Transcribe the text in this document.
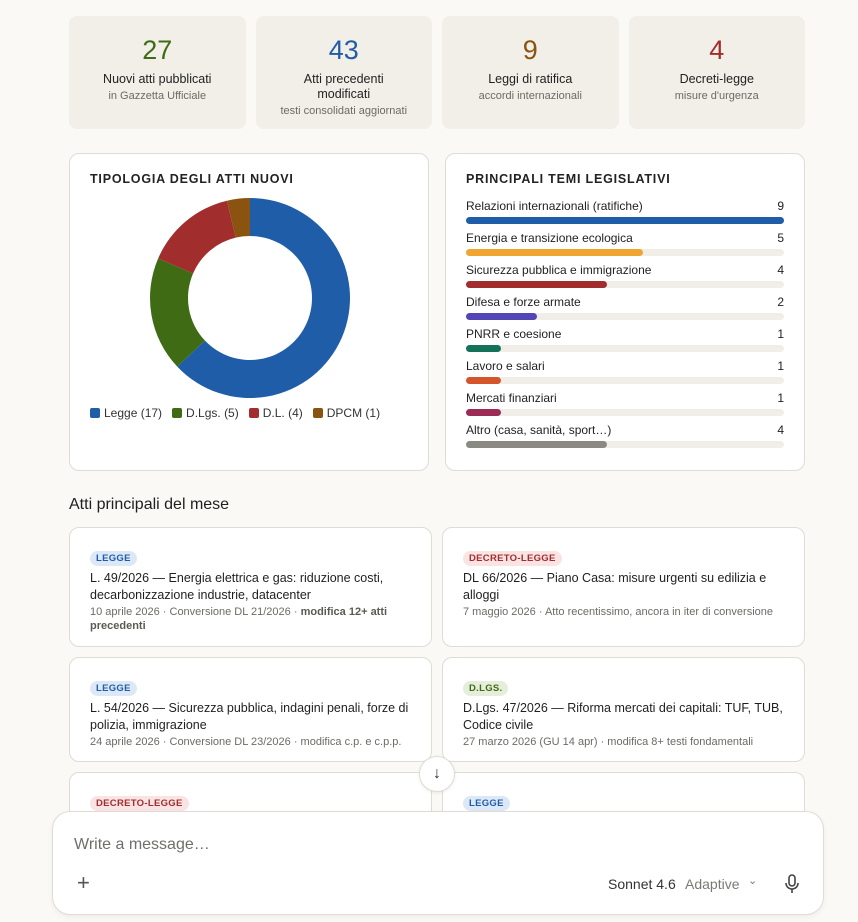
27
Nuovi atti pubblicati
in Gazzetta Ufficiale
43
Atti precedenti modificati
testi consolidati aggiornati
9
Leggi di ratifica
accordi internazionali
4
Decreti-legge
misure d'urgenza
TIPOLOGIA DEGLI ATTI NUOVI
Legge (17) D.Lgs. (5) D.L. (4) DPCM (1)
PRINCIPALI TEMI LEGISLATIVI
Relazioni internazionali (ratifiche)	9
Energia e transizione ecologica	5
Sicurezza pubblica e immigrazione	4
Difesa e forze armate	2
PNRR e coesione	1
Lavoro e salari	1
Mercati finanziari	1
Altro (casa, sanità, sport…)	4
Atti principali del mese
LEGGE
L. 49/2026 — Energia elettrica e gas: riduzione costi, decarbonizzazione industrie, datacenter
10 aprile 2026 · Conversione DL 21/2026 · modifica 12+ atti precedenti
DECRETO-LEGGE
DL 66/2026 — Piano Casa: misure urgenti su edilizia e alloggi
7 maggio 2026 · Atto recentissimo, ancora in iter di conversione
LEGGE
L. 54/2026 — Sicurezza pubblica, indagini penali, forze di polizia, immigrazione
24 aprile 2026 · Conversione DL 23/2026 · modifica c.p. e c.p.p.
D.LGS.
D.Lgs. 47/2026 — Riforma mercati dei capitali: TUF, TUB, Codice civile
27 marzo 2026 (GU 14 apr) · modifica 8+ testi fondamentali
DECRETO-LEGGE	LEGGE
↓
Write a message…
+	Sonnet 4.6 Adaptive ⌄
